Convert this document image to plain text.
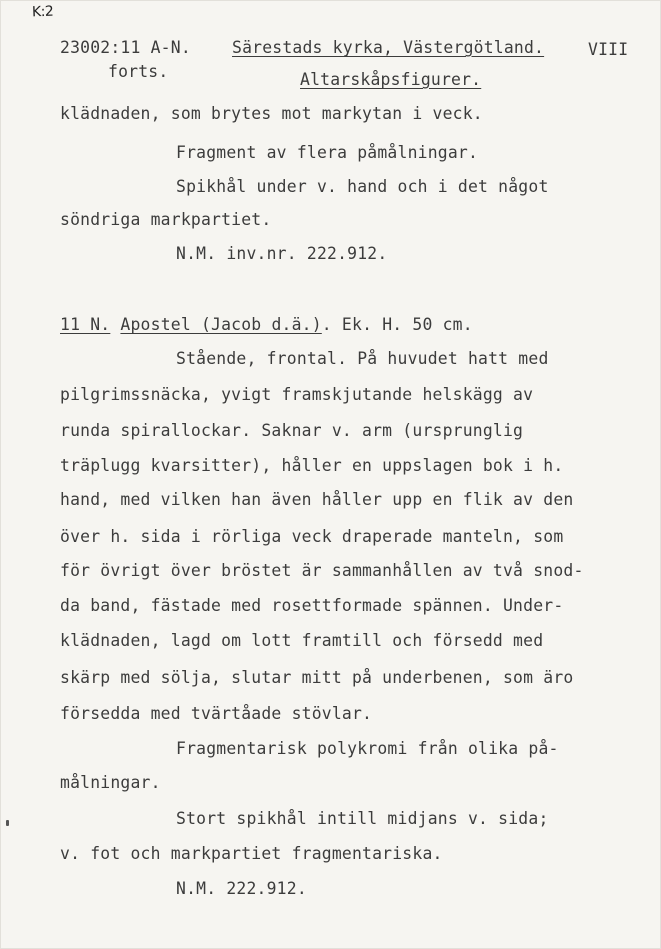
K:2
23002:11 A-N.	Särestads kyrka, Västergötland.	VIII
forts.	Altarskåpsfigurer.
klädnaden, som brytes mot markytan i veck.
Fragment av flera påmålningar.
Spikhål under v. hand och i det något
söndriga markpartiet.
N.M. inv.nr. 222.912.
11 N. Apostel (Jacob d.ä.). Ek. H. 50 cm.
Stående, frontal. På huvudet hatt med
pilgrimssnäcka, yvigt framskjutande helskägg av
runda spirallockar. Saknar v. arm (ursprunglig
träplugg kvarsitter), håller en uppslagen bok i h.
hand, med vilken han även håller upp en flik av den
över h. sida i rörliga veck draperade manteln, som
för övrigt över bröstet är sammanhållen av två snod-
da band, fästade med rosettformade spännen. Under-
klädnaden, lagd om lott framtill och försedd med
skärp med sölja, slutar mitt på underbenen, som äro
försedda med tvärtåade stövlar.
Fragmentarisk polykromi från olika på-
målningar.
Stort spikhål intill midjans v. sida;
v. fot och markpartiet fragmentariska.
N.M. 222.912.
